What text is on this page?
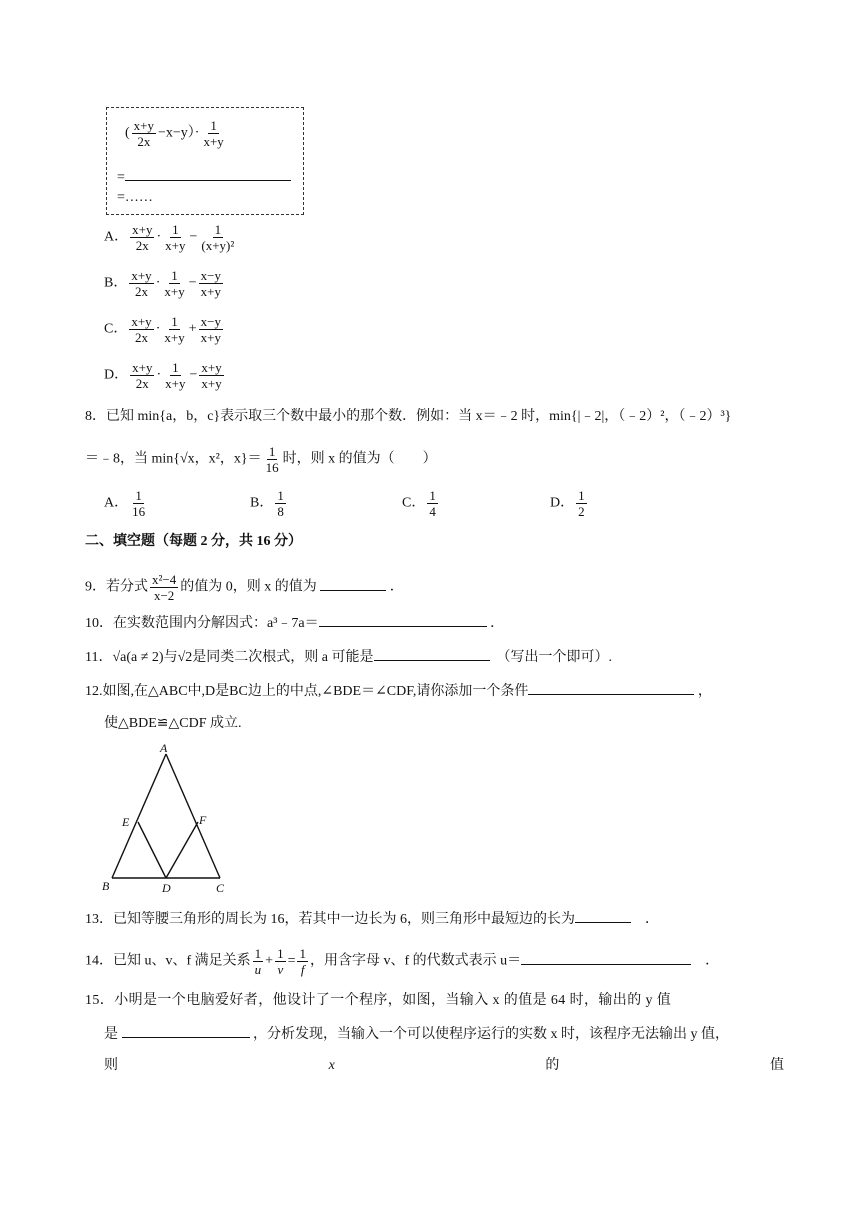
( $\frac{x+y}{2x} -x-y)\cdot \frac{1}{x+y}$
=
=……
A． $\frac{x+y}{2x} \cdot \frac{1}{x+y} - \frac{1}{\text{(x+y)²}}$
B． $\frac{x+y}{2x} \cdot \frac{1}{x+y} - \frac{x-y}{x+y}$
C． $\frac{x+y}{2x} \cdot \frac{1}{x+y} + \frac{x-y}{x+y}$
D． $\frac{x+y}{2x} \cdot \frac{1}{x+y} - \frac{x+y}{x+y}$
8．已知 min{a，b，c}表示取三个数中最小的那个数．例如：当 x＝﹣2 时，min{|﹣2|，（﹣2）²，（﹣2）³}
＝﹣8，当 min{√x，x²，$x\}= \frac{1}{16}$ 时，则 x 的值为（　　）
A． $\frac{1}{16}$	B． $\frac{1}{8}$	C． $\frac{1}{4}$	D． $\frac{1}{2}$
二、填空题（每题 2 分，共 16 分）
9．若分式 $\frac{\text{x²−4}}{x-2}$ 的值为 0，则 x 的值为	．
10．在实数范围内分解因式：a³﹣7a＝	．
11．√a(a ≠ 2)与√2是同类二次根式，则 a 可能是　	（写出一个即可）.
12.如图,在△ABC中,D是BC边上的中点,∠BDE＝∠CDF,请你添加一个条件	，
使△BDE≌△CDF 成立.
A
E	F
B	D	C
13．已知等腰三角形的周长为 16，若其中一边长为 6，则三角形中最短边的长为　	．
14．已知 u、v、f 满足关系 $\frac{1}{u} + \frac{1}{v} = \frac{1}{f}$ ，用含字母 v、f 的代数式表示 u＝　	．
15．小明是一个电脑爱好者，他设计了一个程序，如图，当输入 x 的值是 64 时，输出的 y 值
是	，分析发现，当输入一个可以使程序运行的实数 x 时，该程序无法输出 y 值，
则	x	的	值
